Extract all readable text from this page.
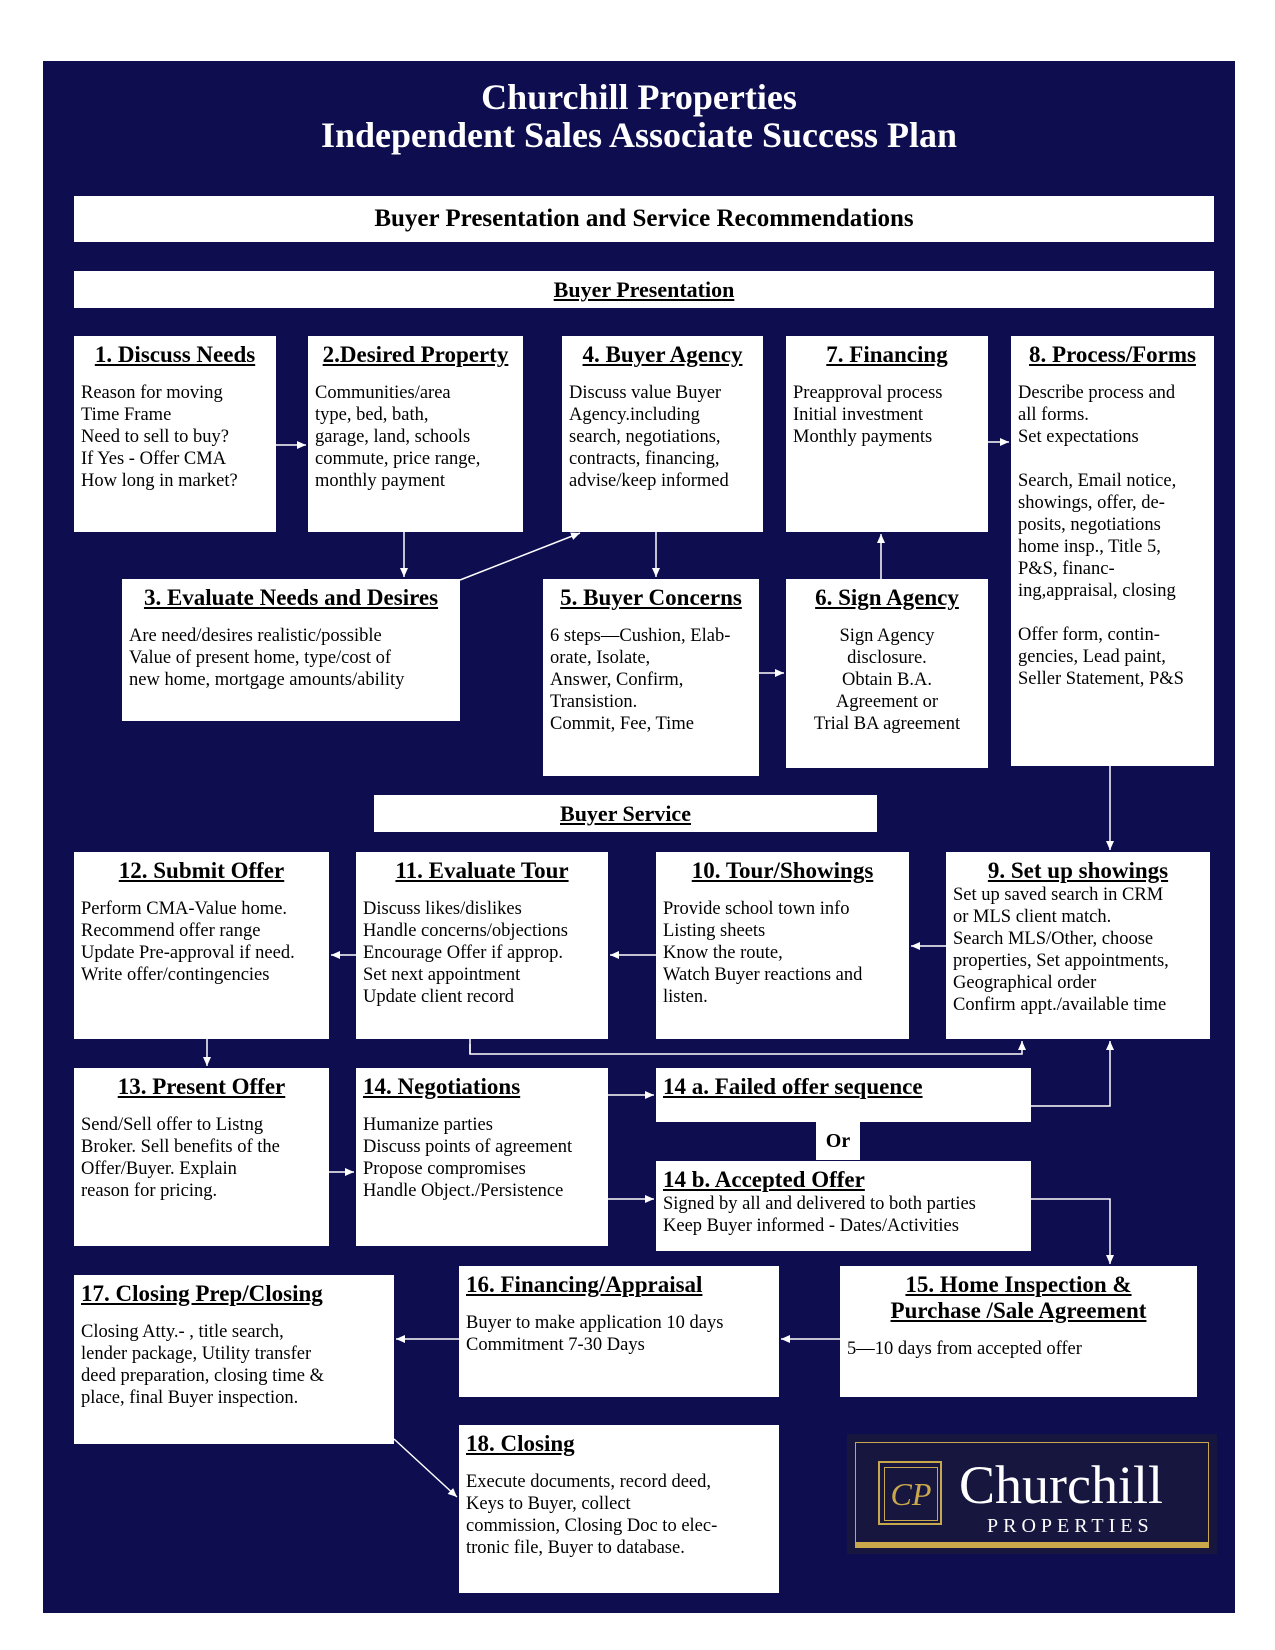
Churchill Properties
Independent Sales Associate Success Plan
Buyer Presentation and Service Recommendations
Buyer Presentation
Buyer Service
1. Discuss Needs
Reason for moving
Time Frame
Need to sell to buy?
If Yes - Offer CMA
How long in market?
2.Desired Property
Communities/area
type, bed, bath,
garage, land, schools
commute, price range,
monthly payment
4. Buyer Agency
Discuss value Buyer
Agency.including
search, negotiations,
contracts, financing,
advise/keep informed
7. Financing
Preapproval process
Initial investment
Monthly payments
8. Process/Forms
Describe process and
all forms.
Set expectations
Search, Email notice,
showings, offer, de-
posits, negotiations
home insp., Title 5,
P&S, financ-
ing,appraisal, closing
Offer form, contin-
gencies, Lead paint,
Seller Statement, P&S
3. Evaluate Needs and Desires
Are need/desires realistic/possible
Value of present home, type/cost of
new home, mortgage amounts/ability
5. Buyer Concerns
6 steps—Cushion, Elab-
orate, Isolate,
Answer, Confirm,
Transistion.
Commit, Fee, Time
6. Sign Agency
Sign Agency
disclosure.
Obtain B.A.
Agreement or
Trial BA agreement
12. Submit Offer
Perform CMA-Value home.
Recommend offer range
Update Pre-approval if need.
Write offer/contingencies
11. Evaluate Tour
Discuss likes/dislikes
Handle concerns/objections
Encourage Offer if approp.
Set next appointment
Update client record
10. Tour/Showings
Provide school town info
Listing sheets
Know the route,
Watch Buyer reactions and
listen.
9. Set up showings
Set up saved search in CRM
or MLS client match.
Search MLS/Other, choose
properties, Set appointments,
Geographical order
Confirm appt./available time
13. Present Offer
Send/Sell offer to Listng
Broker. Sell benefits of the
Offer/Buyer. Explain
reason for pricing.
14. Negotiations
Humanize parties
Discuss points of agreement
Propose compromises
Handle Object./Persistence
14 a. Failed offer sequence
Or
14 b. Accepted Offer
Signed by all and delivered to both parties
Keep Buyer informed - Dates/Activities
17. Closing Prep/Closing
Closing Atty.- , title search,
lender package, Utility transfer
deed preparation, closing time &
place, final Buyer inspection.
16. Financing/Appraisal
Buyer to make application 10 days
Commitment 7-30 Days
15. Home Inspection &
Purchase /Sale Agreement
5—10 days from accepted offer
18. Closing
Execute documents, record deed,
Keys to Buyer, collect
commission, Closing Doc to elec-
tronic file, Buyer to database.
CP Churchill
PROPERTIES
